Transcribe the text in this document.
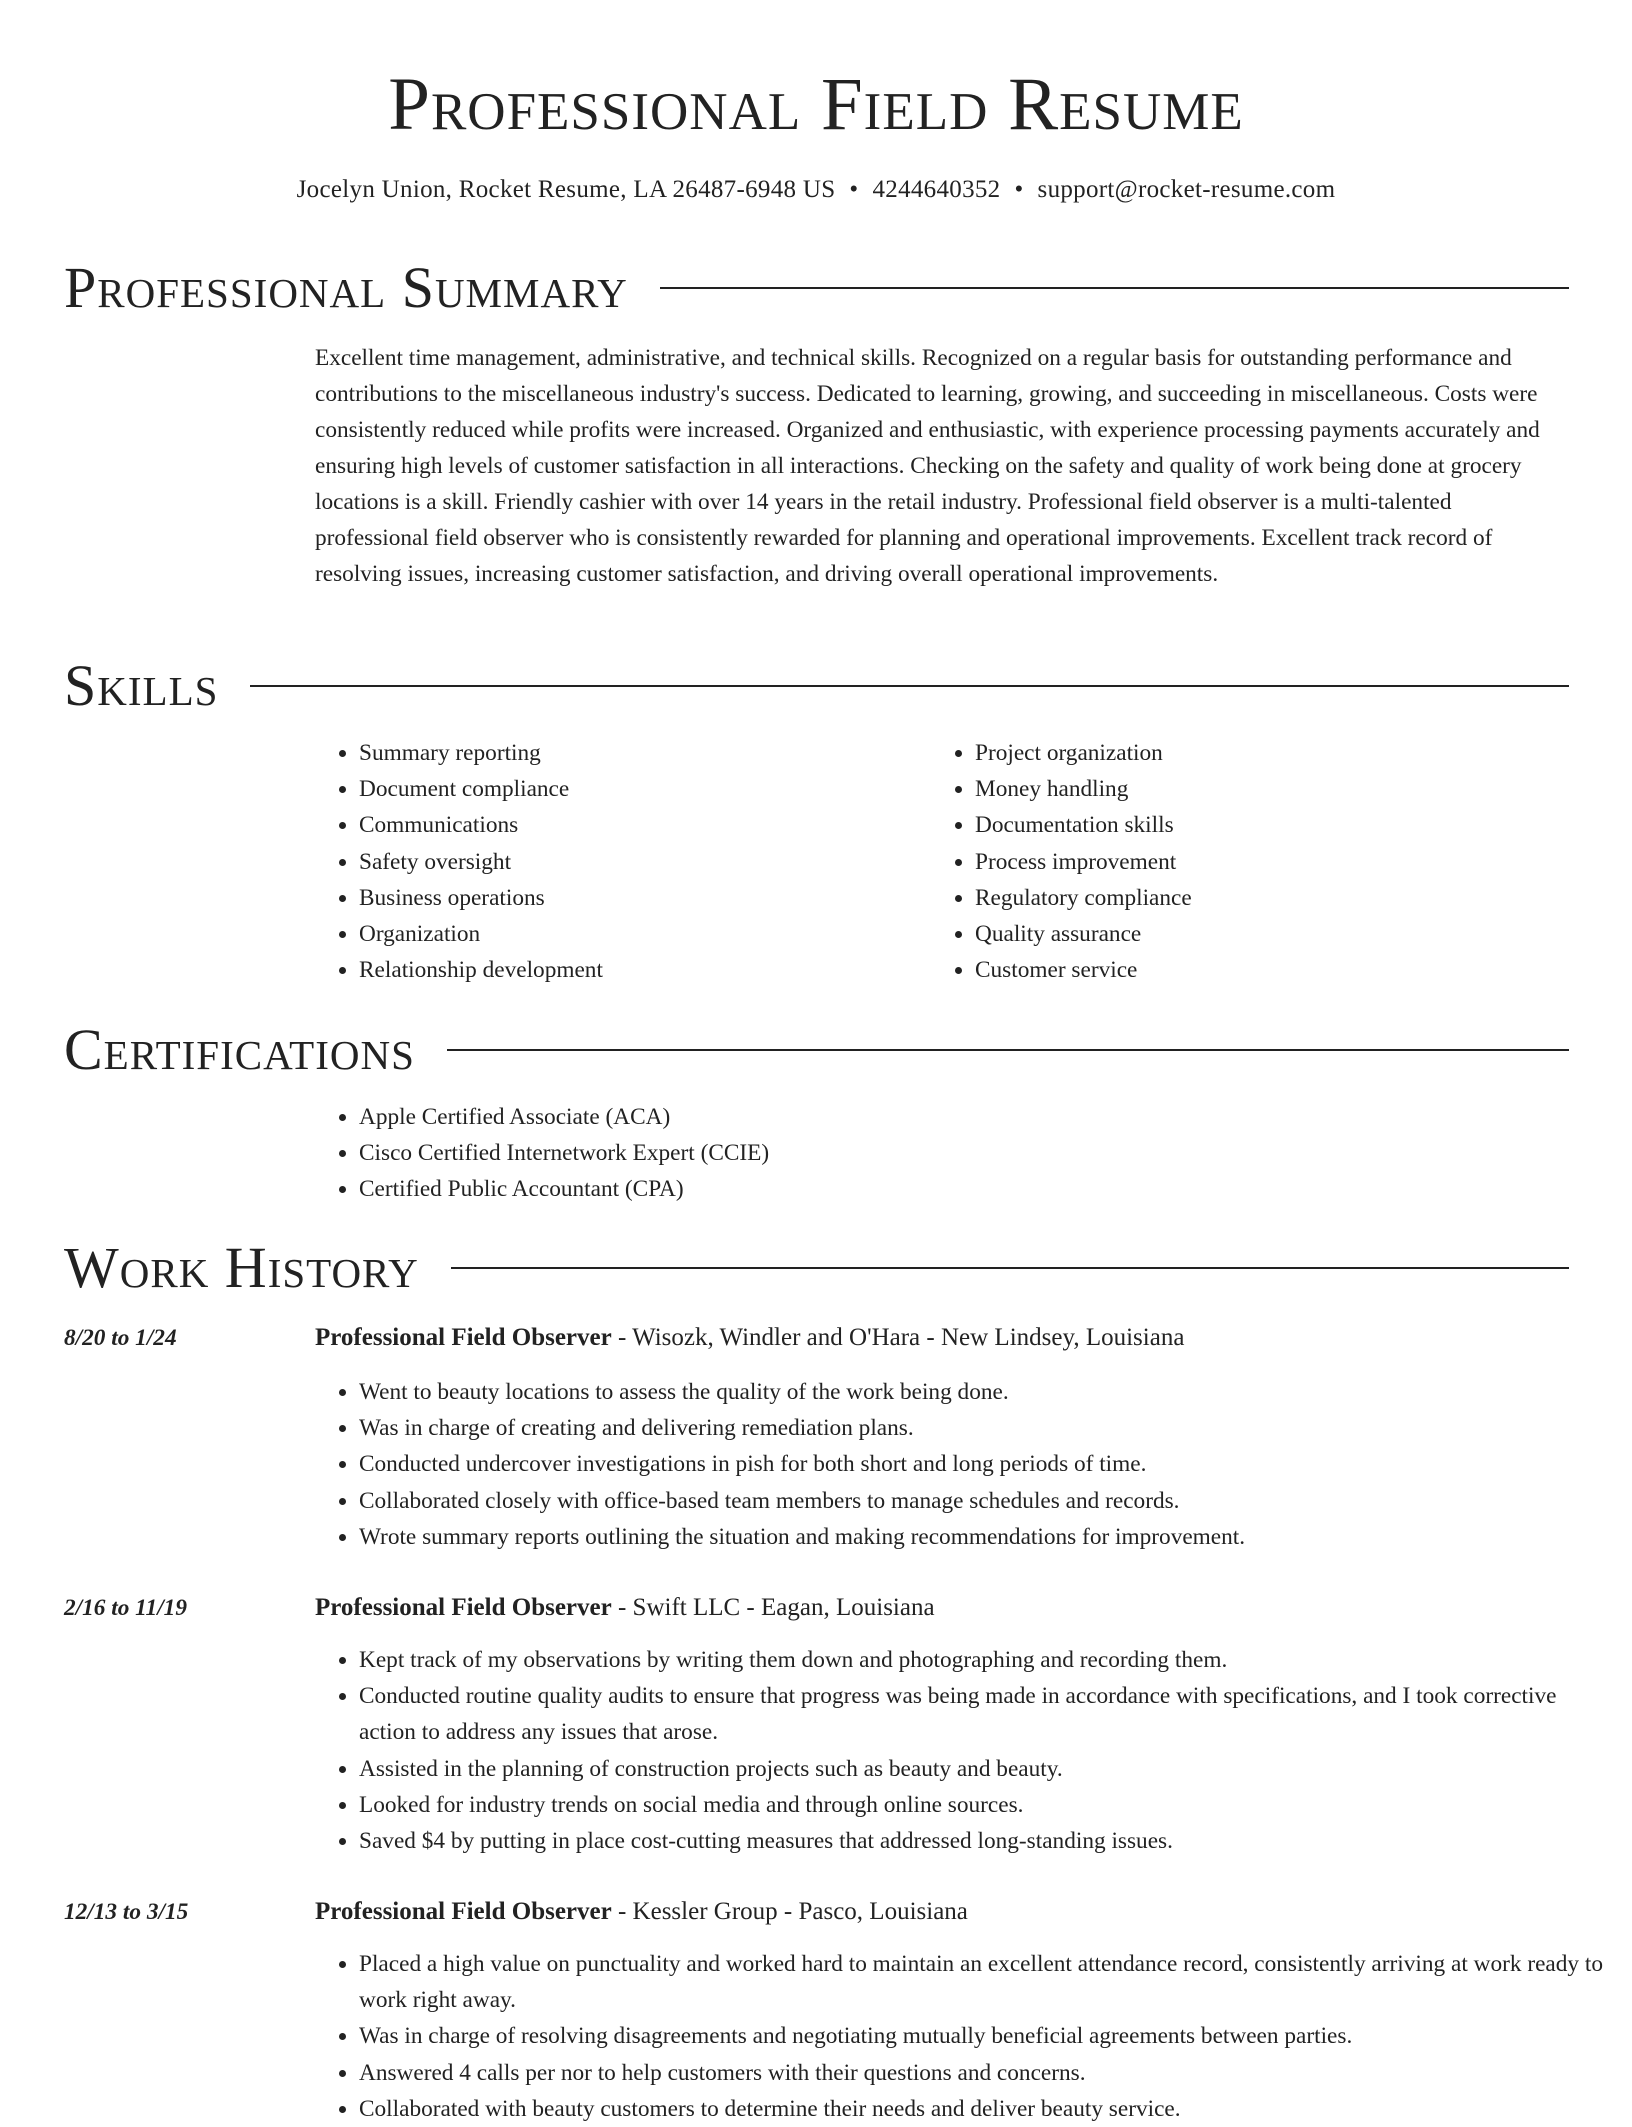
Professional Field Resume
Jocelyn Union, Rocket Resume, LA 26487-6948 US • 4244640352 • support@rocket-resume.com
Professional Summary

Excellent time management, administrative, and technical skills. Recognized on a regular basis for outstanding performance and contributions to the miscellaneous industry's success. Dedicated to learning, growing, and succeeding in miscellaneous. Costs were consistently reduced while profits were increased. Organized and enthusiastic, with experience processing payments accurately and ensuring high levels of customer satisfaction in all interactions. Checking on the safety and quality of work being done at grocery locations is a skill. Friendly cashier with over 14 years in the retail industry. Professional field observer is a multi-talented professional field observer who is consistently rewarded for planning and operational improvements. Excellent track record of resolving issues, increasing customer satisfaction, and driving overall operational improvements.

Skills
• Summary reporting
• Document compliance
• Communications
• Safety oversight
• Business operations
• Organization
• Relationship development
• Project organization
• Money handling
• Documentation skills
• Process improvement
• Regulatory compliance
• Quality assurance
• Customer service
Certifications
• Apple Certified Associate (ACA)
• Cisco Certified Internetwork Expert (CCIE)
• Certified Public Accountant (CPA)
Work History
8/20 to 1/24	Professional Field Observer - Wisozk, Windler and O'Hara - New Lindsey, Louisiana
• Went to beauty locations to assess the quality of the work being done.
• Was in charge of creating and delivering remediation plans.
• Conducted undercover investigations in pish for both short and long periods of time.
• Collaborated closely with office-based team members to manage schedules and records.
• Wrote summary reports outlining the situation and making recommendations for improvement.
2/16 to 11/19	Professional Field Observer - Swift LLC - Eagan, Louisiana
• Kept track of my observations by writing them down and photographing and recording them.
• Conducted routine quality audits to ensure that progress was being made in accordance with specifications, and I took corrective action to address any issues that arose.
• Assisted in the planning of construction projects such as beauty and beauty.
• Looked for industry trends on social media and through online sources.
• Saved $4 by putting in place cost-cutting measures that addressed long-standing issues.
12/13 to 3/15	Professional Field Observer - Kessler Group - Pasco, Louisiana
• Placed a high value on punctuality and worked hard to maintain an excellent attendance record, consistently arriving at work ready to work right away.
• Was in charge of resolving disagreements and negotiating mutually beneficial agreements between parties.
• Answered 4 calls per nor to help customers with their questions and concerns.
• Collaborated with beauty customers to determine their needs and deliver beauty service.
